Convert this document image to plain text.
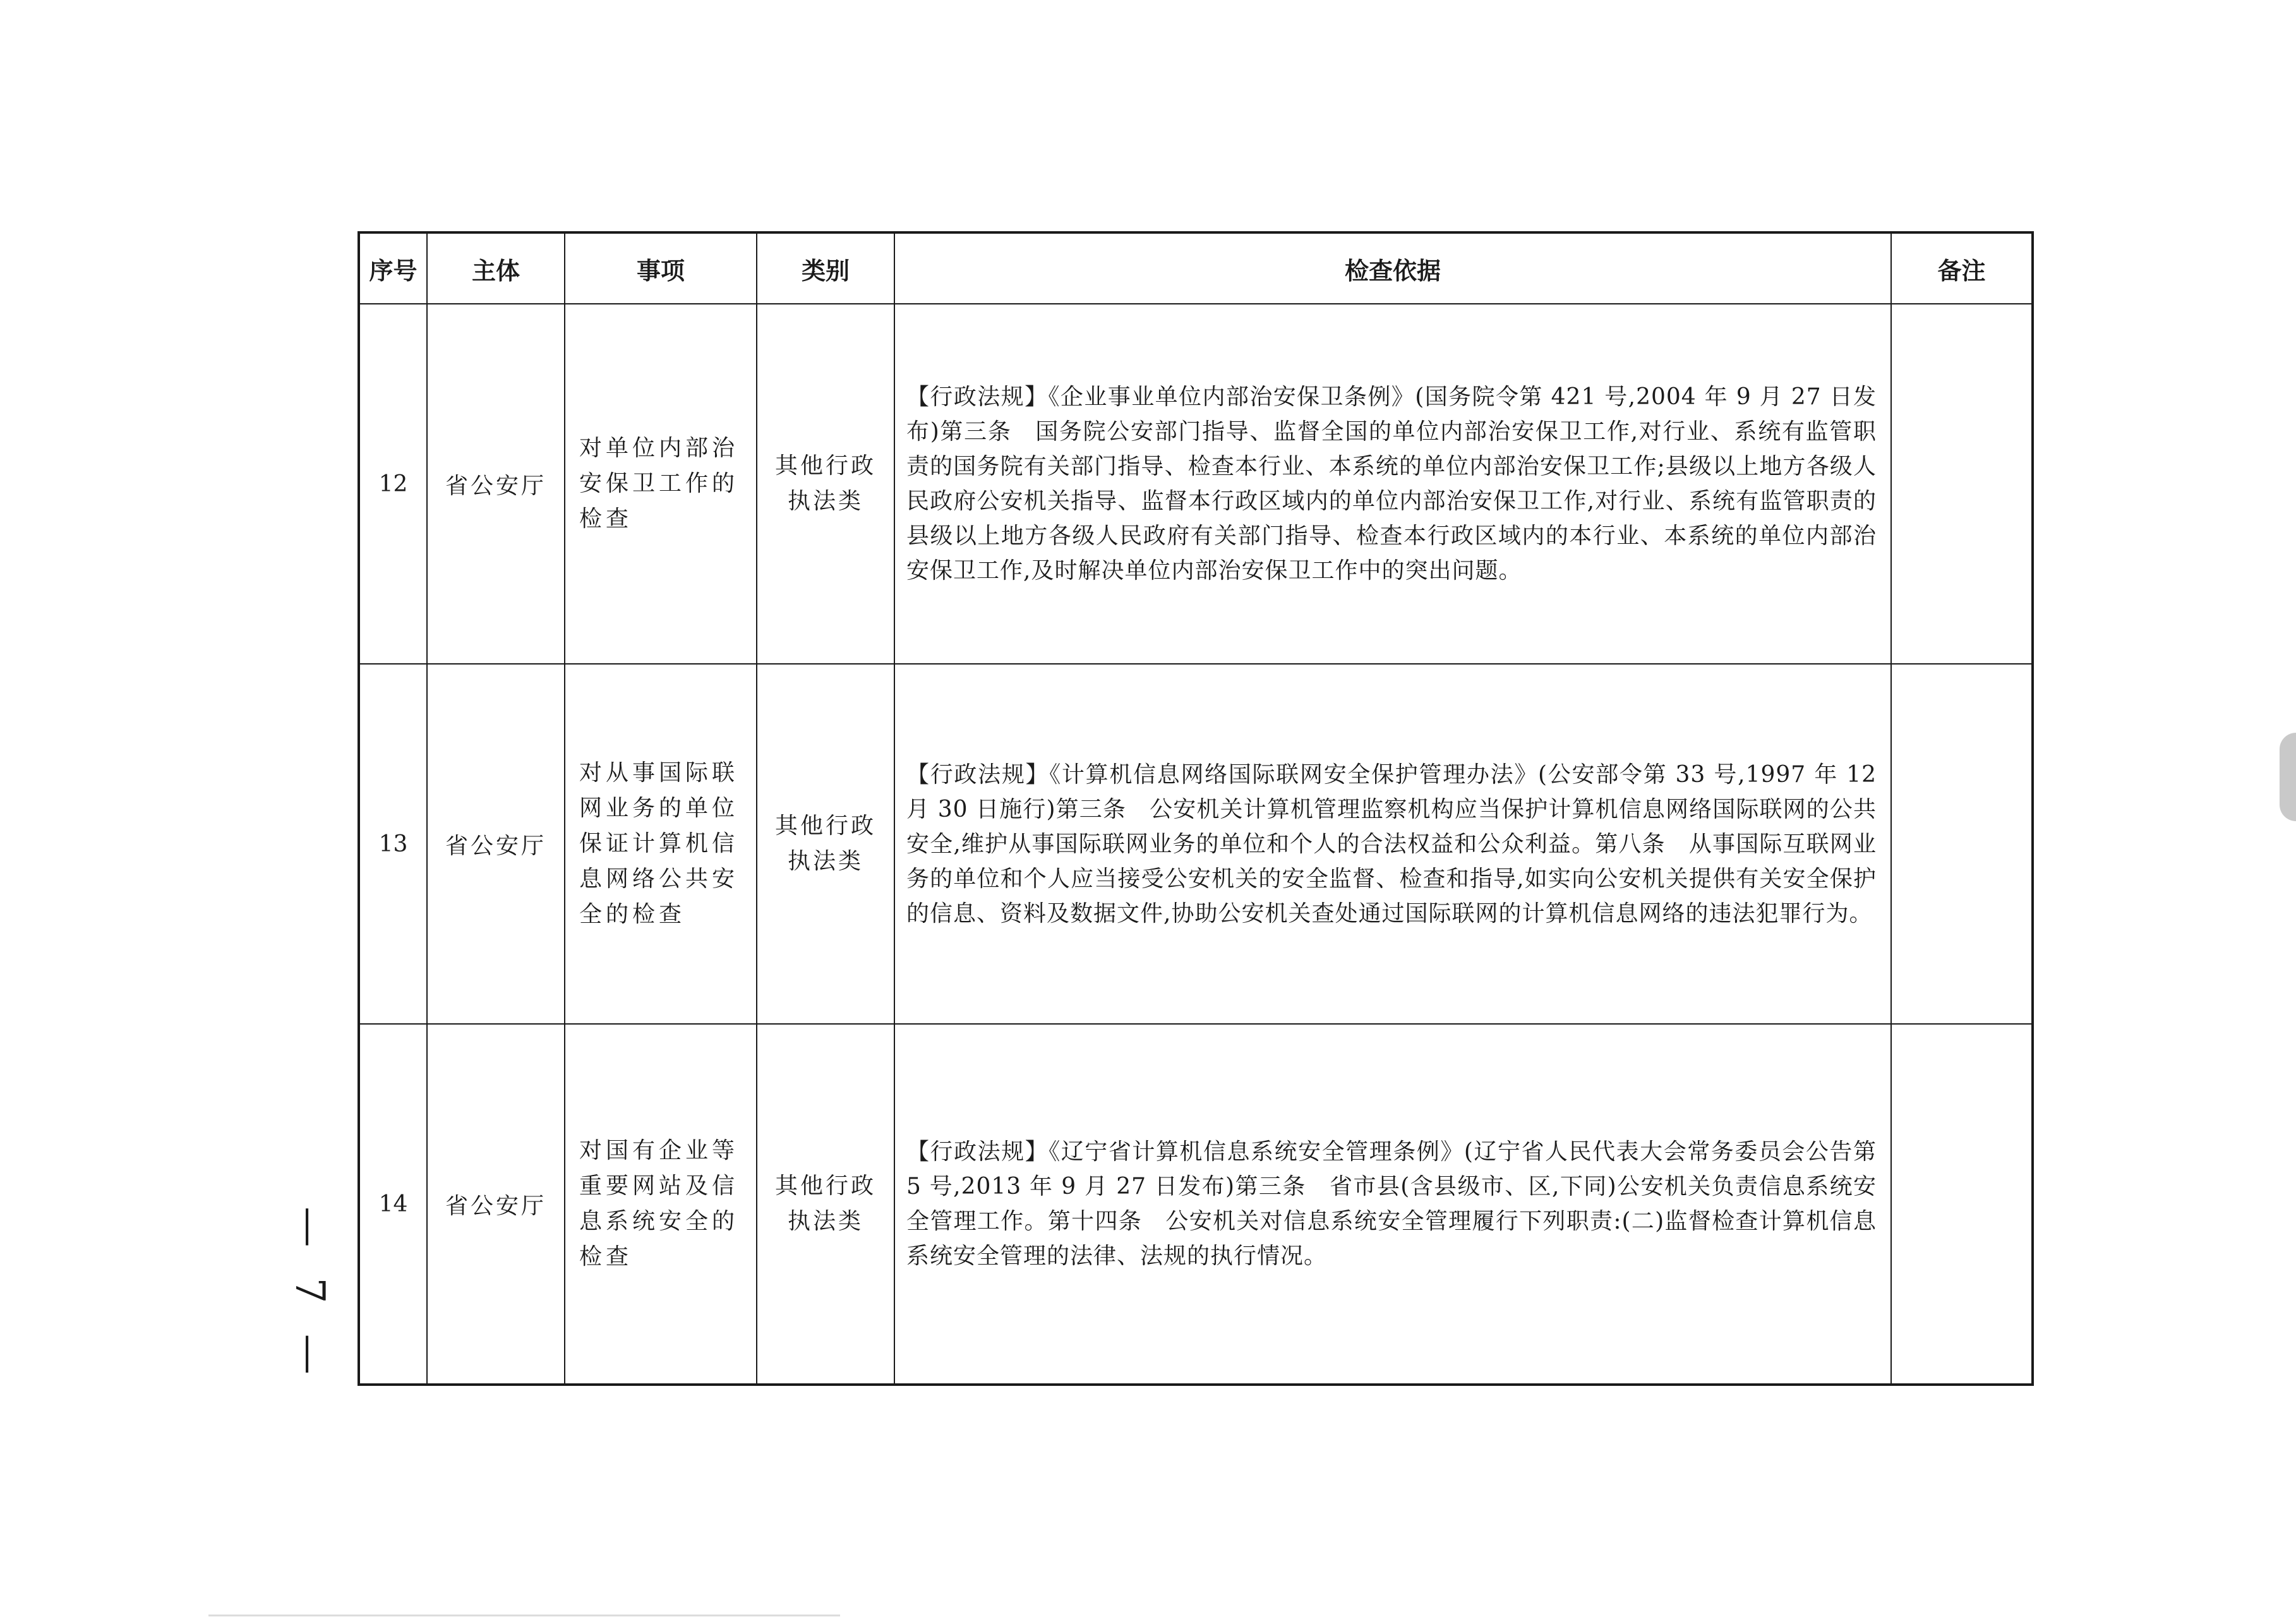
序号	主体	事项	类别	检查依据	备注
12	省公安厅	对单位内部治安保卫工作的检查	其他行政执法类	【行政法规】《企业事业单位内部治安保卫条例》(国务院令第 421 号,2004 年 9 月 27 日发布)第三条　国务院公安部门指导、监督全国的单位内部治安保卫工作,对行业、系统有监管职责的国务院有关部门指导、检查本行业、本系统的单位内部治安保卫工作;县级以上地方各级人民政府公安机关指导、监督本行政区域内的单位内部治安保卫工作,对行业、系统有监管职责的县级以上地方各级人民政府有关部门指导、检查本行政区域内的本行业、本系统的单位内部治安保卫工作,及时解决单位内部治安保卫工作中的突出问题。	
13	省公安厅	对从事国际联网业务的单位保证计算机信息网络公共安全的检查	其他行政执法类	【行政法规】《计算机信息网络国际联网安全保护管理办法》(公安部令第 33 号,1997 年 12 月 30 日施行)第三条　公安机关计算机管理监察机构应当保护计算机信息网络国际联网的公共安全,维护从事国际联网业务的单位和个人的合法权益和公众利益。第八条　从事国际互联网业务的单位和个人应当接受公安机关的安全监督、检查和指导,如实向公安机关提供有关安全保护的信息、资料及数据文件,协助公安机关查处通过国际联网的计算机信息网络的违法犯罪行为。	
14	省公安厅	对国有企业等重要网站及信息系统安全的检查	其他行政执法类	【行政法规】《辽宁省计算机信息系统安全管理条例》(辽宁省人民代表大会常务委员会公告第 5 号,2013 年 9 月 27 日发布)第三条　省市县(含县级市、区,下同)公安机关负责信息系统安全管理工作。第十四条　公安机关对信息系统安全管理履行下列职责:(二)监督检查计算机信息系统安全管理的法律、法规的执行情况。	
— 7 —
